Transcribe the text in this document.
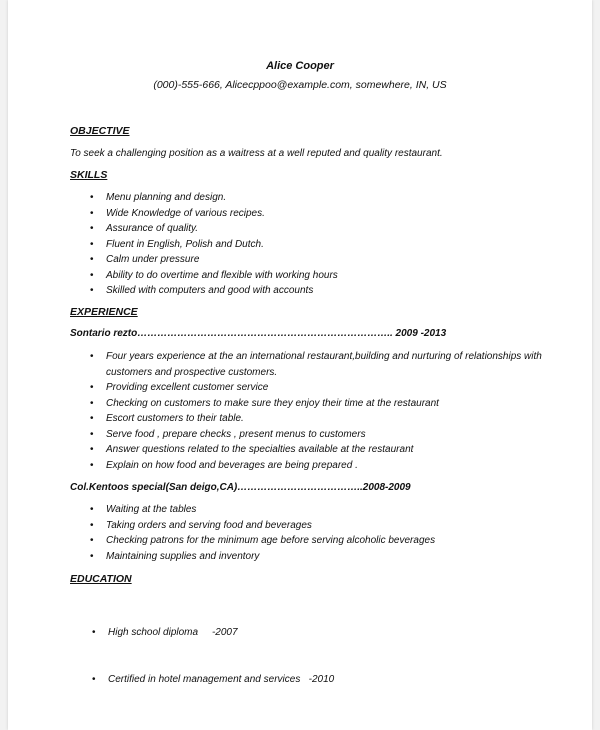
Alice Cooper
(000)-555-666, Alicecppoo@example.com, somewhere, IN, US
OBJECTIVE
To seek a challenging position as a waitress at a well reputed and quality restaurant.
SKILLS
• Menu planning and design.
• Wide Knowledge of various recipes.
• Assurance of quality.
• Fluent in English, Polish and Dutch.
• Calm under pressure
• Ability to do overtime and flexible with working hours
• Skilled with computers and good with accounts
EXPERIENCE
Sontario rezto………………………………………………………………….. 2009 -2013
• Four years experience at the an international restaurant,building and nurturing of relationships with customers and prospective customers.
• Providing excellent customer service
• Checking on customers to make sure they enjoy their time at the restaurant
• Escort customers to their table.
• Serve food , prepare checks , present menus to customers
• Answer questions related to the specialties available at the restaurant
• Explain on how food and beverages are being prepared .
Col.Kentoos special(San deigo,CA)………………………………..2008-2009
• Waiting at the tables
• Taking orders and serving food and beverages
• Checking patrons for the minimum age before serving alcoholic beverages
• Maintaining supplies and inventory
EDUCATION

• High school diploma     -2007

• Certified in hotel management and services   -2010
